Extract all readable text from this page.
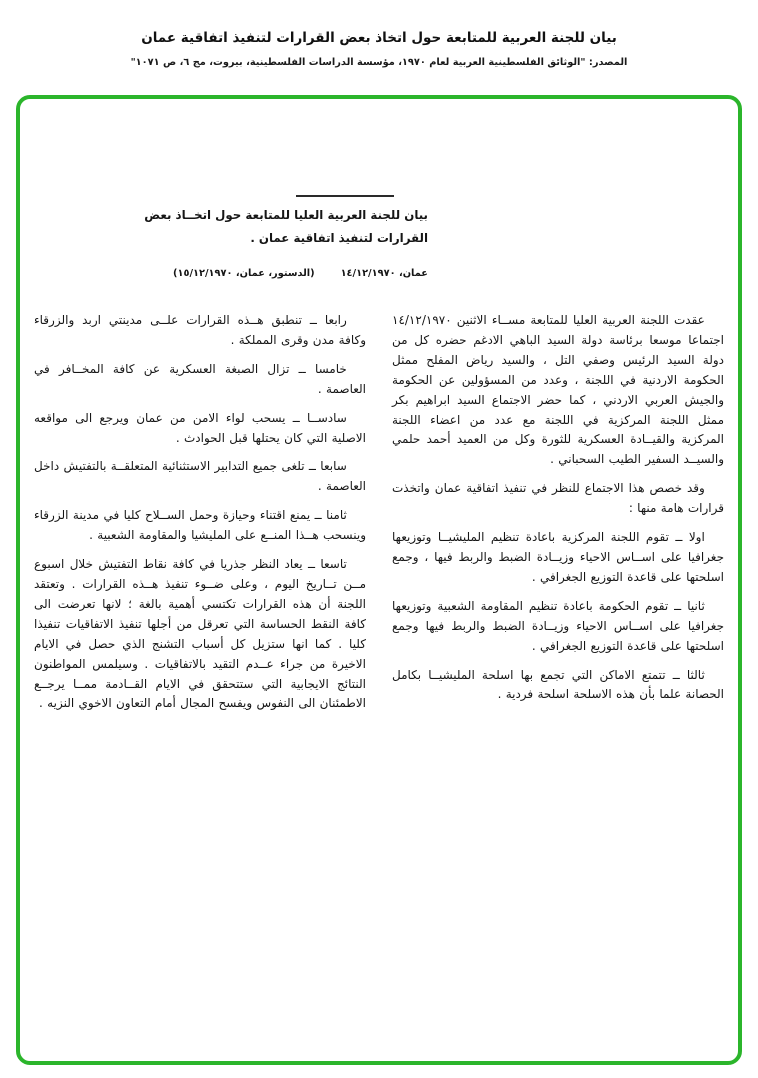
بيان للجنة العربية للمتابعة حول اتخاذ بعض القرارات لتنفيذ اتفاقية عمان
المصدر: "الوثائق الفلسطينية العربية لعام ١٩٧٠، مؤسسة الدراسات الفلسطينية، بيروت، مج ٦، ص ١٠٧١"
بيان للجنة العربية العليا للمتابعة حول اتخــاذ بعض
القرارات لتنفيذ اتفاقية عمان .
عمان، ١٤/١٢/١٩٧٠
(الدستور، عمان، ١٥/١٢/١٩٧٠)

عقدت اللجنة العربية العليا للمتابعة مســاء الاثنين ١٤/١٢/١٩٧٠ اجتماعا موسعا برئاسة دولة السيد الباهي الادغم حضره كل من دولة السيد الرئيس وصفي التل ، والسيد رياض المفلح ممثل الحكومة الاردنية في اللجنة ، وعدد من المسؤولين عن الحكومة والجيش العربي الاردني ، كما حضر الاجتماع السيد ابراهيم بكر ممثل اللجنة المركزية في اللجنة مع عدد من اعضاء اللجنة المركزية والقيــادة العسكرية للثورة وكل من العميد أحمد حلمي والسيــد السفير الطيب السحباني .

وقد خصص هذا الاجتماع للنظر في تنفيذ اتفاقية عمان واتخذت قرارات هامة منها :

اولا ــ تقوم اللجنة المركزية باعادة تنظيم المليشيــا وتوزيعها جغرافيا على اســاس الاحياء وزيــادة الضبط والربط فيها ، وجمع اسلحتها على قاعدة التوزيع الجغرافي .

ثانيا ــ تقوم الحكومة باعادة تنظيم المقاومة الشعبية وتوزيعها جغرافيا على اســاس الاحياء وزيــادة الضبط والربط فيها وجمع اسلحتها على قاعدة التوزيع الجغرافي .

ثالثا ــ تتمتع الاماكن التي تجمع بها اسلحة المليشيــا بكامل الحصانة علما بأن هذه الاسلحة اسلحة فردية .

رابعا ــ تنطبق هــذه القرارات علــى مدينتي اربد والزرقاء وكافة مدن وقرى المملكة .

خامسا ــ تزال الصبغة العسكرية عن كافة المخــافر في العاصمة .

سادســا ــ يسحب لواء الامن من عمان ويرجع الى مواقعه الاصلية التي كان يحتلها قبل الحوادث .

سابعا ــ تلغى جميع التدابير الاستثنائية المتعلقــة بالتفتيش داخل العاصمة .

ثامنا ــ يمنع اقتناء وحيازة وحمل الســلاح كليا في مدينة الزرقاء وينسحب هــذا المنــع على المليشيا والمقاومة الشعبية .

تاسعا ــ يعاد النظر جذريا في كافة نقاط التفتيش خلال اسبوع مــن تــاريخ اليوم ، وعلى ضــوء تنفيذ هــذه القرارات . وتعتقد اللجنة أن هذه القرارات تكتسي أهمية بالغة ؛ لانها تعرضت الى كافة النقط الحساسة التي تعرقل من أجلها تنفيذ الاتفاقيات تنفيذا كليا . كما انها ستزيل كل أسباب التشنج الذي حصل في الايام الاخيرة من جراء عــدم التقيد بالاتفاقيات . وسيلمس المواطنون النتائج الايجابية التي ستتحقق في الايام القــادمة ممــا يرجــع الاطمئنان الى النفوس ويفسح المجال أمام التعاون الاخوي النزيه .
